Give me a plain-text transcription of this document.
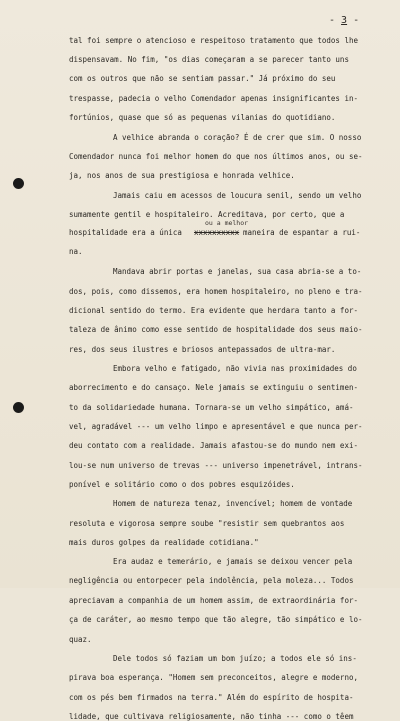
- 3 -
tal foi sempre o atencioso e respeitoso tratamento que todos lhe
dispensavam. No fim, "os dias começaram a se parecer tanto uns
com os outros que não se sentiam passar." Já próximo do seu
trespasse, padecia o velho Comendador apenas insignificantes in-
fortúnios, quase que só as pequenas vilanias do quotidiano.
A velhice abranda o coração? É de crer que sim. O nosso
Comendador nunca foi melhor homem do que nos últimos anos, ou se-
ja, nos anos de sua prestigiosa e honrada velhice.
Jamais caiu em acessos de loucura senil, sendo um velho
sumamente gentil e hospitaleiro. Acreditava, por certo, que a
ou a melhor
hospitalidade era a única xxxxxxxxxx maneira de espantar a rui-
na.
Mandava abrir portas e janelas, sua casa abria-se a to-
dos, pois, como dissemos, era homem hospitaleiro, no pleno e tra-
dicional sentido do termo. Era evidente que herdara tanto a for-
taleza de ânimo como esse sentido de hospitalidade dos seus maio-
res, dos seus ilustres e briosos antepassados de ultra-mar.
Embora velho e fatigado, não vivia nas proximidades do
aborrecimento e do cansaço. Nele jamais se extinguiu o sentimen-
to da solidariedade humana. Tornara-se um velho simpático, amá-
vel, agradável --- um velho limpo e apresentável e que nunca per-
deu contato com a realidade. Jamais afastou-se do mundo nem exi-
lou-se num universo de trevas --- universo impenetrável, intrans-
ponível e solitário como o dos pobres esquizóides.
Homem de natureza tenaz, invencível; homem de vontade
resoluta e vigorosa sempre soube "resistir sem quebrantos aos
mais duros golpes da realidade cotidiana."
Era audaz e temerário, e jamais se deixou vencer pela
negligência ou entorpecer pela indolência, pela moleza... Todos
apreciavam a companhia de um homem assim, de extraordinária for-
ça de caráter, ao mesmo tempo que tão alegre, tão simpático e lo-
quaz.
Dele todos só faziam um bom juízo; a todos ele só ins-
pirava boa esperança. "Homem sem preconceitos, alegre e moderno,
com os pés bem firmados na terra." Além do espírito de hospita-
lidade, que cultivava religiosamente, não tinha --- como o têem
